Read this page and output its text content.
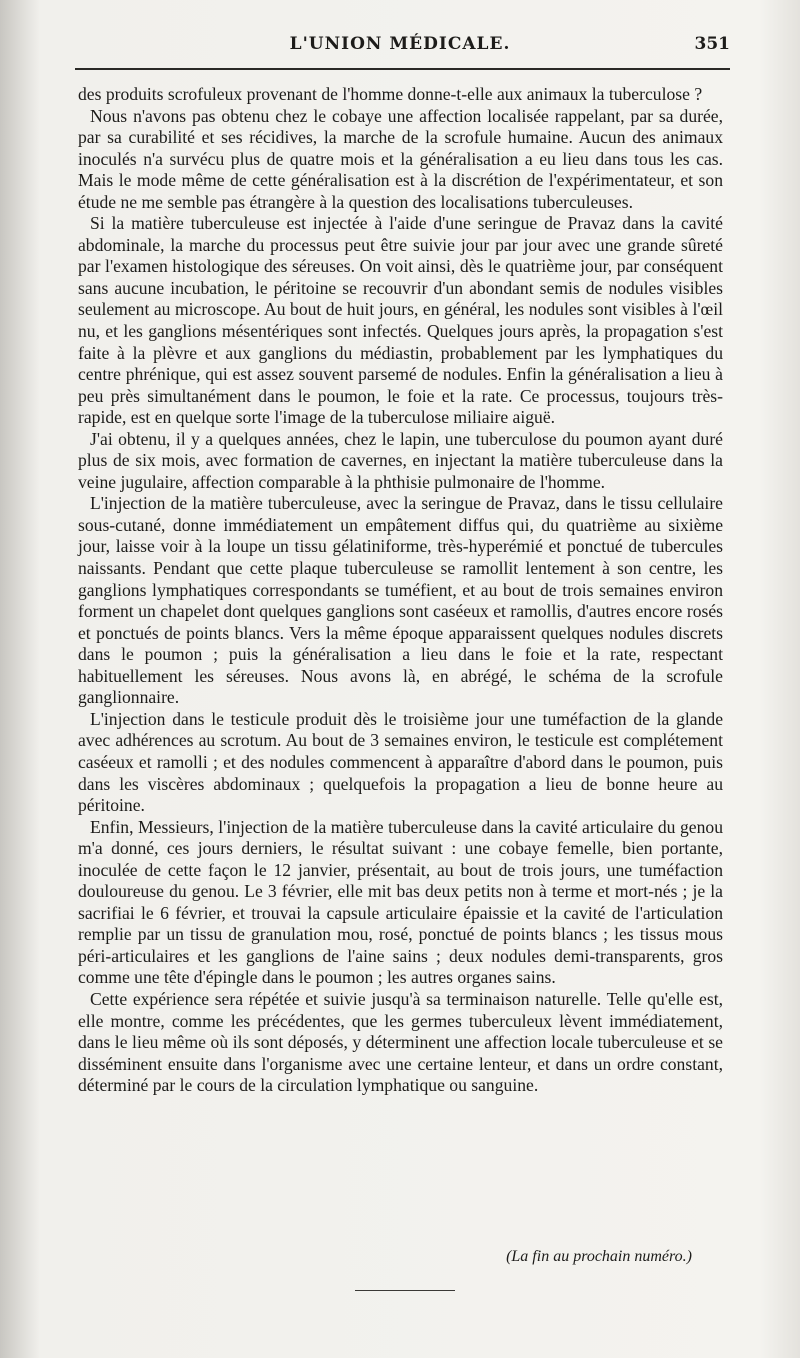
L'UNION MÉDICALE.	351

des produits scrofuleux provenant de l'homme donne-t-elle aux animaux la tuberculose ?

Nous n'avons pas obtenu chez le cobaye une affection localisée rappelant, par sa durée, par sa curabilité et ses récidives, la marche de la scrofule humaine. Aucun des animaux inoculés n'a survécu plus de quatre mois et la généralisation a eu lieu dans tous les cas. Mais le mode même de cette généralisation est à la discrétion de l'expérimentateur, et son étude ne me semble pas étrangère à la question des localisations tuberculeuses.

Si la matière tuberculeuse est injectée à l'aide d'une seringue de Pravaz dans la cavité abdominale, la marche du processus peut être suivie jour par jour avec une grande sûreté par l'examen histologique des séreuses. On voit ainsi, dès le quatrième jour, par conséquent sans aucune incubation, le péritoine se recouvrir d'un abondant semis de nodules visibles seulement au microscope. Au bout de huit jours, en général, les nodules sont visibles à l'œil nu, et les ganglions mésentériques sont infectés. Quelques jours après, la propagation s'est faite à la plèvre et aux ganglions du médiastin, probablement par les lymphatiques du centre phrénique, qui est assez souvent parsemé de nodules. Enfin la généralisation a lieu à peu près simultanément dans le poumon, le foie et la rate. Ce processus, toujours très-rapide, est en quelque sorte l'image de la tuberculose miliaire aiguë.

J'ai obtenu, il y a quelques années, chez le lapin, une tuberculose du poumon ayant duré plus de six mois, avec formation de cavernes, en injectant la matière tuberculeuse dans la veine jugulaire, affection comparable à la phthisie pulmonaire de l'homme.

L'injection de la matière tuberculeuse, avec la seringue de Pravaz, dans le tissu cellulaire sous-cutané, donne immédiatement un empâtement diffus qui, du quatrième au sixième jour, laisse voir à la loupe un tissu gélatiniforme, très-hyperémié et ponctué de tubercules naissants. Pendant que cette plaque tuberculeuse se ramollit lentement à son centre, les ganglions lymphatiques correspondants se tuméfient, et au bout de trois semaines environ forment un chapelet dont quelques ganglions sont caséeux et ramollis, d'autres encore rosés et ponctués de points blancs. Vers la même époque apparaissent quelques nodules discrets dans le poumon ; puis la généralisation a lieu dans le foie et la rate, respectant habituellement les séreuses. Nous avons là, en abrégé, le schéma de la scrofule ganglionnaire.

L'injection dans le testicule produit dès le troisième jour une tuméfaction de la glande avec adhérences au scrotum. Au bout de 3 semaines environ, le testicule est complétement caséeux et ramolli ; et des nodules commencent à apparaître d'abord dans le poumon, puis dans les viscères abdominaux ; quelquefois la propagation a lieu de bonne heure au péritoine.

Enfin, Messieurs, l'injection de la matière tuberculeuse dans la cavité articulaire du genou m'a donné, ces jours derniers, le résultat suivant : une cobaye femelle, bien portante, inoculée de cette façon le 12 janvier, présentait, au bout de trois jours, une tuméfaction douloureuse du genou. Le 3 février, elle mit bas deux petits non à terme et mort-nés ; je la sacrifiai le 6 février, et trouvai la capsule articulaire épaissie et la cavité de l'articulation remplie par un tissu de granulation mou, rosé, ponctué de points blancs ; les tissus mous péri-articulaires et les ganglions de l'aine sains ; deux nodules demi-transparents, gros comme une tête d'épingle dans le poumon ; les autres organes sains.

Cette expérience sera répétée et suivie jusqu'à sa terminaison naturelle. Telle qu'elle est, elle montre, comme les précédentes, que les germes tuberculeux lèvent immédiatement, dans le lieu même où ils sont déposés, y déterminent une affection locale tuberculeuse et se disséminent ensuite dans l'organisme avec une certaine lenteur, et dans un ordre constant, déterminé par le cours de la circulation lymphatique ou sanguine.

(La fin au prochain numéro.)
